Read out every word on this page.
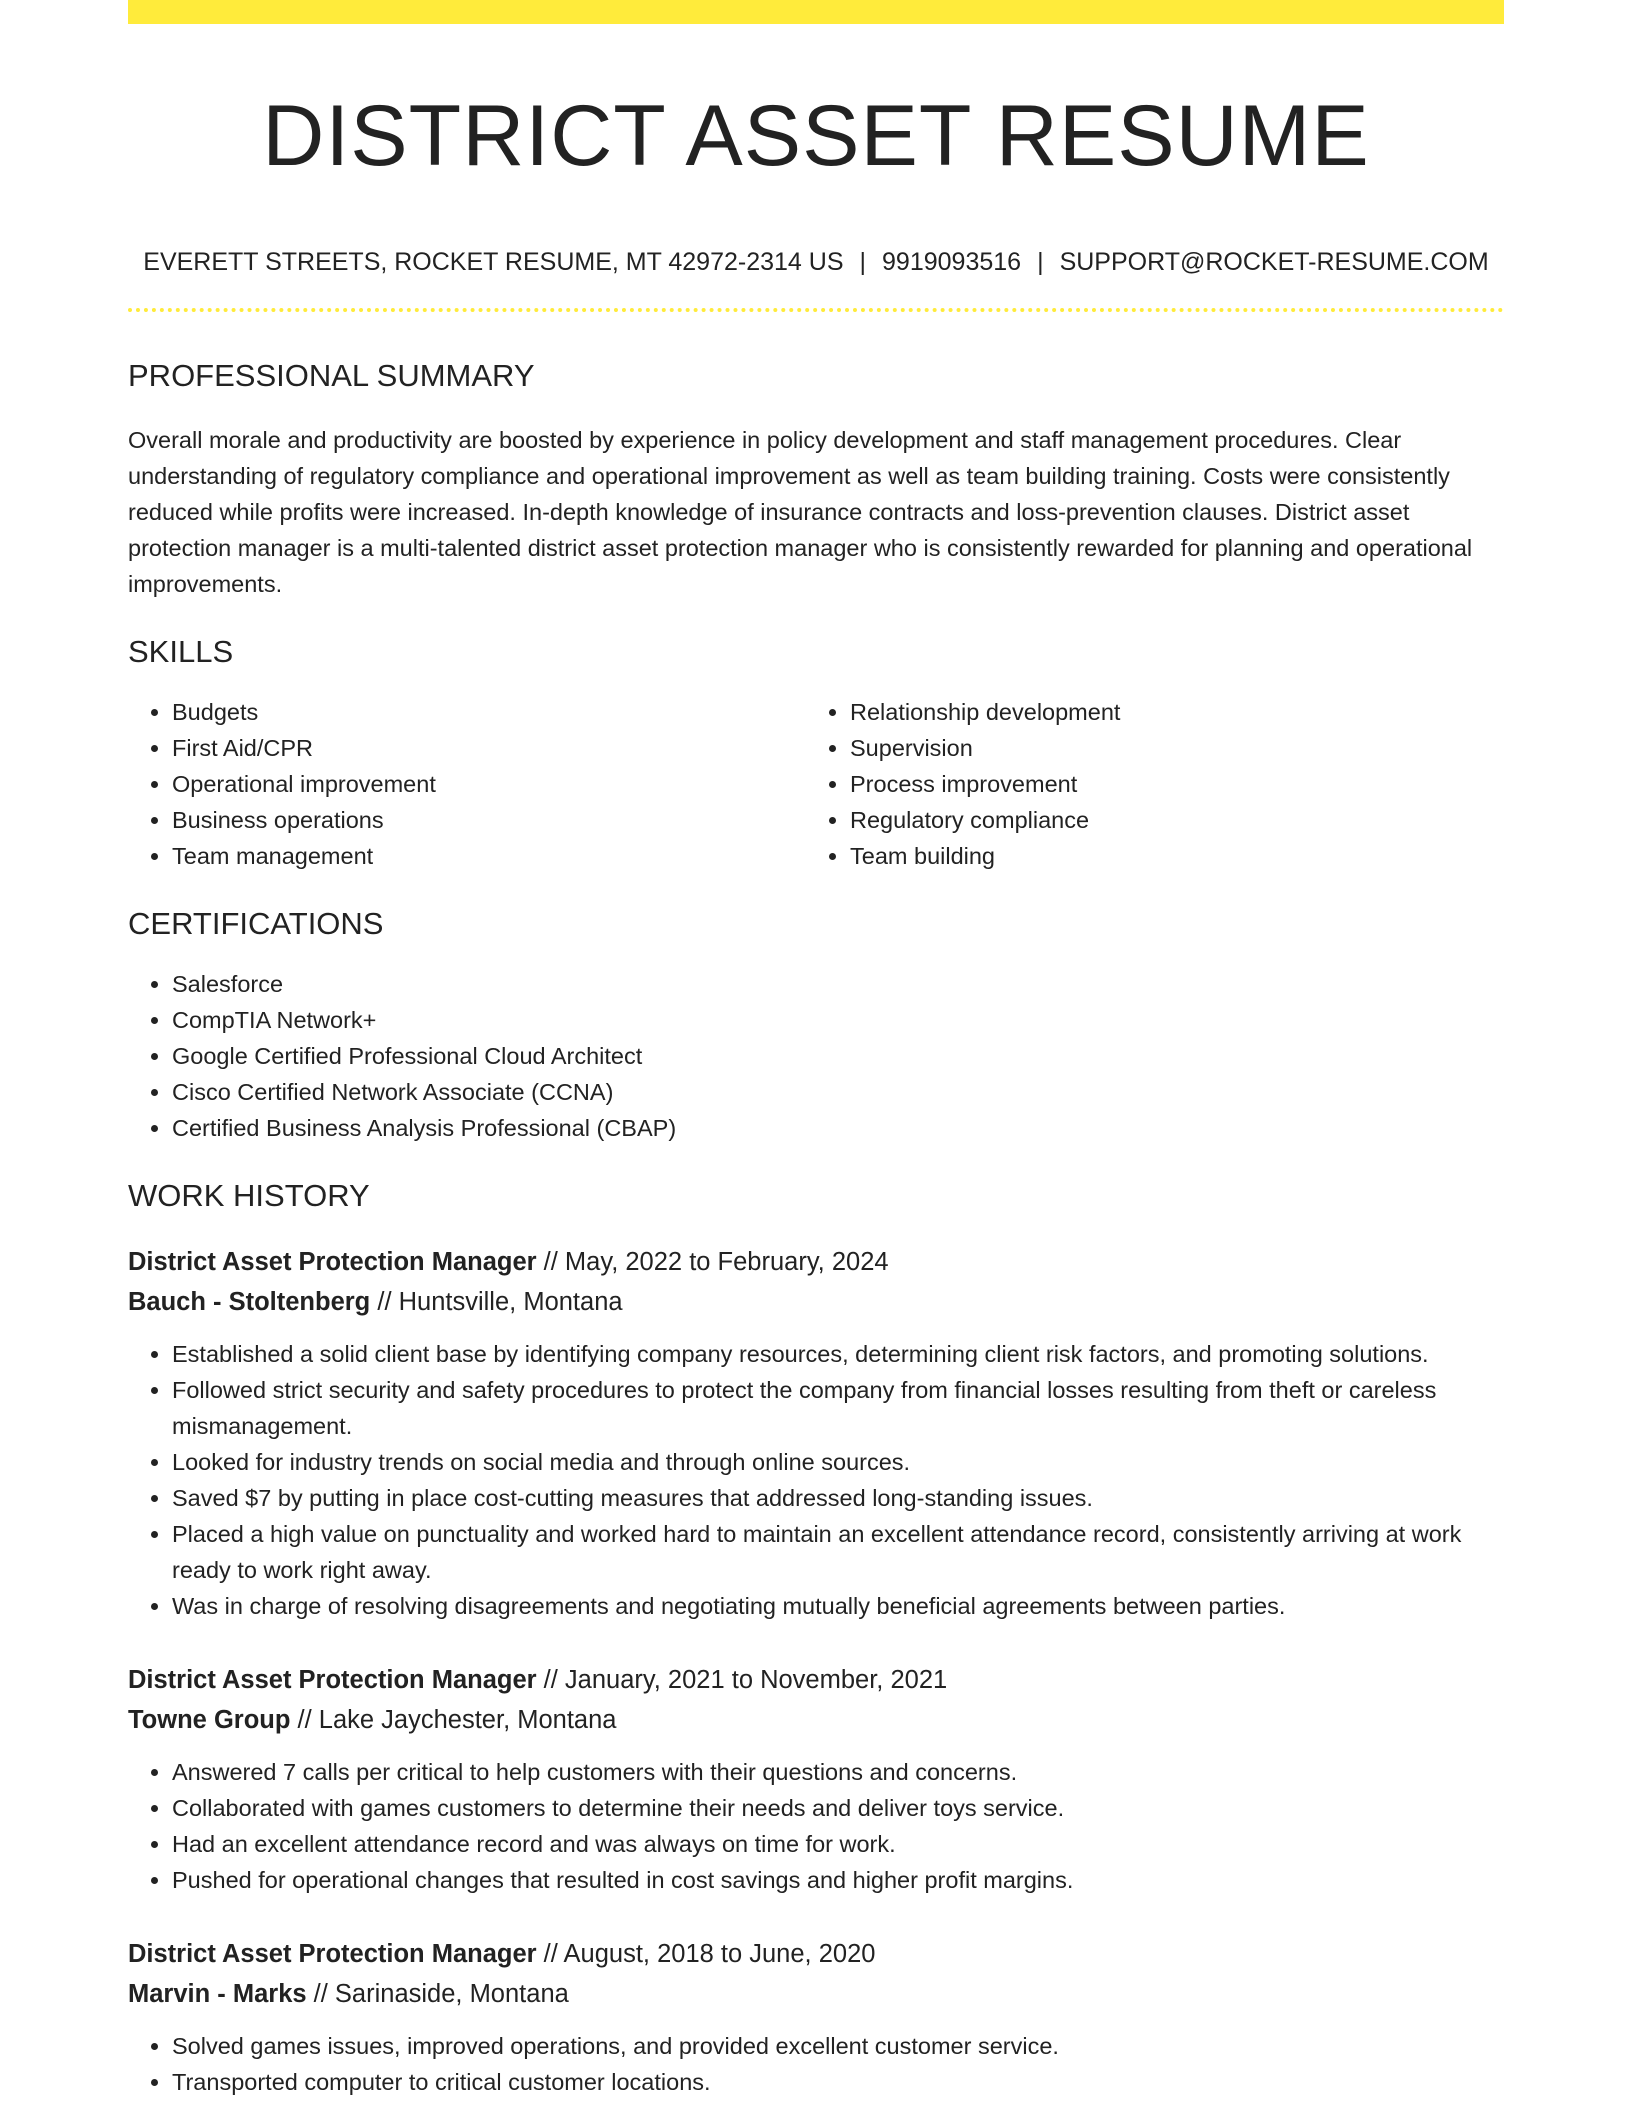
DISTRICT ASSET RESUME
EVERETT STREETS, ROCKET RESUME, MT 42972-2314 US | 9919093516 | SUPPORT@ROCKET-RESUME.COM
PROFESSIONAL SUMMARY
Overall morale and productivity are boosted by experience in policy development and staff management procedures. Clear understanding of regulatory compliance and operational improvement as well as team building training. Costs were consistently reduced while profits were increased. In-depth knowledge of insurance contracts and loss-prevention clauses. District asset protection manager is a multi-talented district asset protection manager who is consistently rewarded for planning and operational improvements.
SKILLS
• Budgets
• First Aid/CPR
• Operational improvement
• Business operations
• Team management
• Relationship development
• Supervision
• Process improvement
• Regulatory compliance
• Team building
CERTIFICATIONS
• Salesforce
• CompTIA Network+
• Google Certified Professional Cloud Architect
• Cisco Certified Network Associate (CCNA)
• Certified Business Analysis Professional (CBAP)
WORK HISTORY
District Asset Protection Manager // May, 2022 to February, 2024
Bauch - Stoltenberg // Huntsville, Montana
• Established a solid client base by identifying company resources, determining client risk factors, and promoting solutions.
• Followed strict security and safety procedures to protect the company from financial losses resulting from theft or careless mismanagement.
• Looked for industry trends on social media and through online sources.
• Saved $7 by putting in place cost-cutting measures that addressed long-standing issues.
• Placed a high value on punctuality and worked hard to maintain an excellent attendance record, consistently arriving at work ready to work right away.
• Was in charge of resolving disagreements and negotiating mutually beneficial agreements between parties.
District Asset Protection Manager // January, 2021 to November, 2021
Towne Group // Lake Jaychester, Montana
• Answered 7 calls per critical to help customers with their questions and concerns.
• Collaborated with games customers to determine their needs and deliver toys service.
• Had an excellent attendance record and was always on time for work.
• Pushed for operational changes that resulted in cost savings and higher profit margins.
District Asset Protection Manager // August, 2018 to June, 2020
Marvin - Marks // Sarinaside, Montana
• Solved games issues, improved operations, and provided excellent customer service.
• Transported computer to critical customer locations.
